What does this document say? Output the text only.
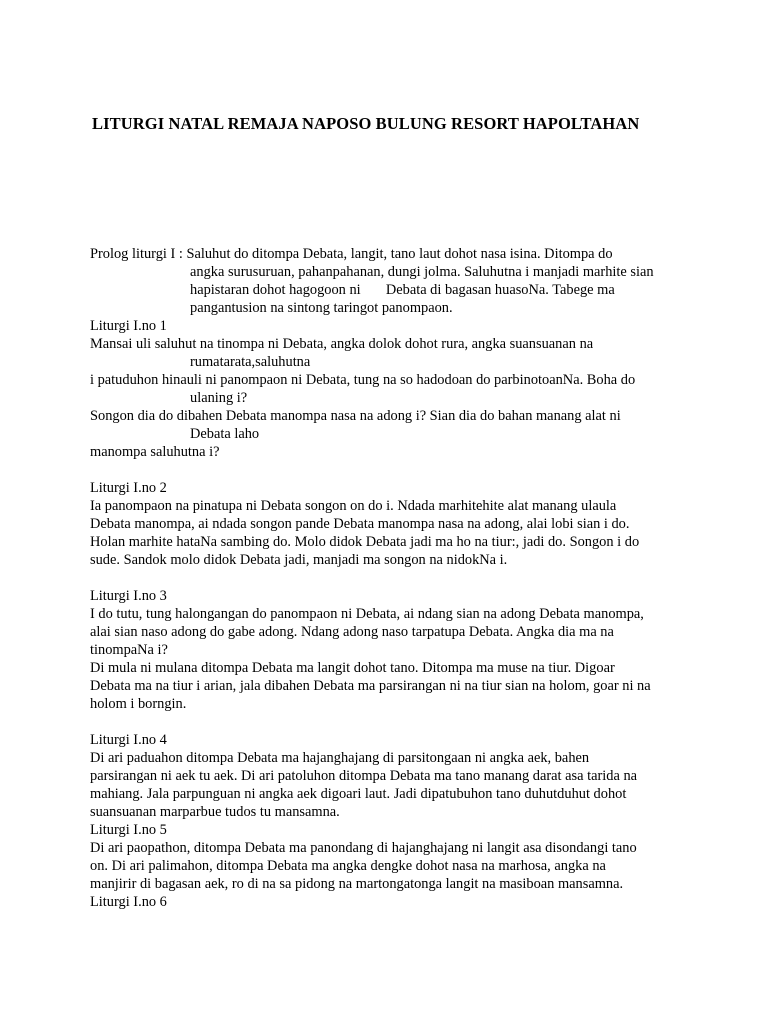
LITURGI NATAL REMAJA NAPOSO BULUNG RESORT HAPOLTAHAN
Prolog liturgi I : Saluhut do ditompa Debata, langit, tano laut dohot nasa isina. Ditompa do
angka surusuruan, pahanpahanan, dungi jolma. Saluhutna i manjadi marhite sian
hapistaran dohot hagogoon ni       Debata di bagasan huasoNa. Tabege ma
pangantusion na sintong taringot panompaon.
Liturgi I.no 1
Mansai uli saluhut na tinompa ni Debata, angka dolok dohot rura, angka suansuanan na
rumatarata,saluhutna
i patuduhon hinauli ni panompaon ni Debata, tung na so hadodoan do parbinotoanNa. Boha do
ulaning i?
Songon dia do dibahen Debata manompa nasa na adong i? Sian dia do bahan manang alat ni
Debata laho
manompa saluhutna i?
Liturgi I.no 2
Ia panompaon na pinatupa ni Debata songon on do i. Ndada marhitehite alat manang ulaula
Debata manompa, ai ndada songon pande Debata manompa nasa na adong, alai lobi sian i do.
Holan marhite hataNa sambing do. Molo didok Debata jadi ma ho na tiur:, jadi do. Songon i do
sude. Sandok molo didok Debata jadi, manjadi ma songon na nidokNa i.
Liturgi I.no 3
I do tutu, tung halongangan do panompaon ni Debata, ai ndang sian na adong Debata manompa,
alai sian naso adong do gabe adong. Ndang adong naso tarpatupa Debata. Angka dia ma na
tinompaNa i?
Di mula ni mulana ditompa Debata ma langit dohot tano. Ditompa ma muse na tiur. Digoar
Debata ma na tiur i arian, jala dibahen Debata ma parsirangan ni na tiur sian na holom, goar ni na
holom i borngin.
Liturgi I.no 4
Di ari paduahon ditompa Debata ma hajanghajang di parsitongaan ni angka aek, bahen
parsirangan ni aek tu aek. Di ari patoluhon ditompa Debata ma tano manang darat asa tarida na
mahiang. Jala parpunguan ni angka aek digoari laut. Jadi dipatubuhon tano duhutduhut dohot
suansuanan marparbue tudos tu mansamna.
Liturgi I.no 5
Di ari paopathon, ditompa Debata ma panondang di hajanghajang ni langit asa disondangi tano
on. Di ari palimahon, ditompa Debata ma angka dengke dohot nasa na marhosa, angka na
manjirir di bagasan aek, ro di na sa pidong na martongatonga langit na masiboan mansamna.
Liturgi I.no 6
